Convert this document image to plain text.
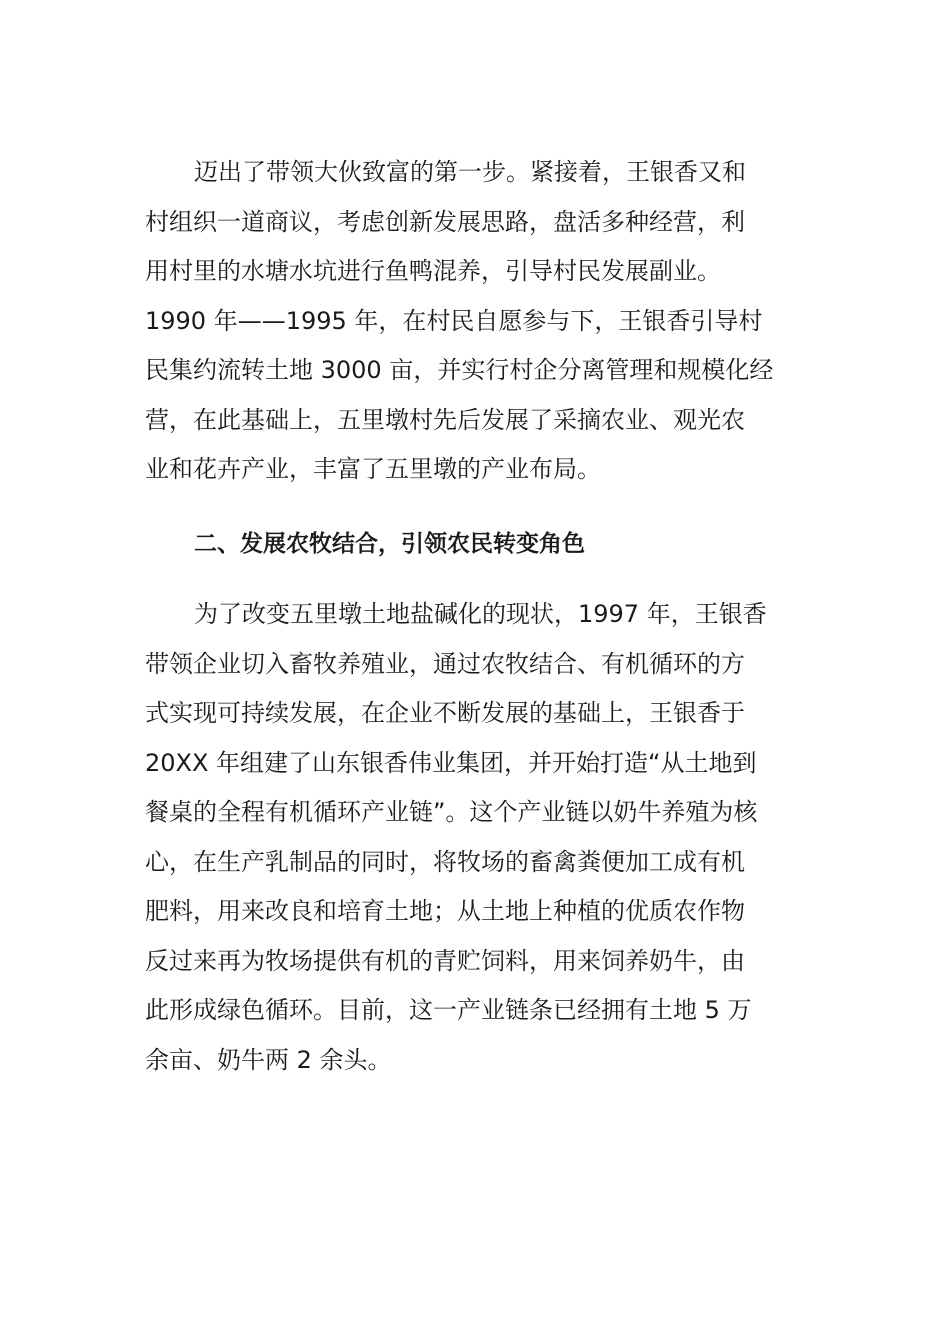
迈出了带领大伙致富的第一步。紧接着，王银香又和
村组织一道商议，考虑创新发展思路，盘活多种经营，利
用村里的水塘水坑进行鱼鸭混养，引导村民发展副业。
1990 年——1995 年，在村民自愿参与下，王银香引导村
民集约流转土地 3000 亩，并实行村企分离管理和规模化经
营，在此基础上，五里墩村先后发展了采摘农业、观光农
业和花卉产业，丰富了五里墩的产业布局。
二、发展农牧结合，引领农民转变角色
为了改变五里墩土地盐碱化的现状，1997 年，王银香
带领企业切入畜牧养殖业，通过农牧结合、有机循环的方
式实现可持续发展，在企业不断发展的基础上，王银香于
20XX 年组建了山东银香伟业集团，并开始打造“从土地到
餐桌的全程有机循环产业链”。这个产业链以奶牛养殖为核
心，在生产乳制品的同时，将牧场的畜禽粪便加工成有机
肥料，用来改良和培育土地；从土地上种植的优质农作物
反过来再为牧场提供有机的青贮饲料，用来饲养奶牛，由
此形成绿色循环。目前，这一产业链条已经拥有土地 5 万
余亩、奶牛两 2 余头。
